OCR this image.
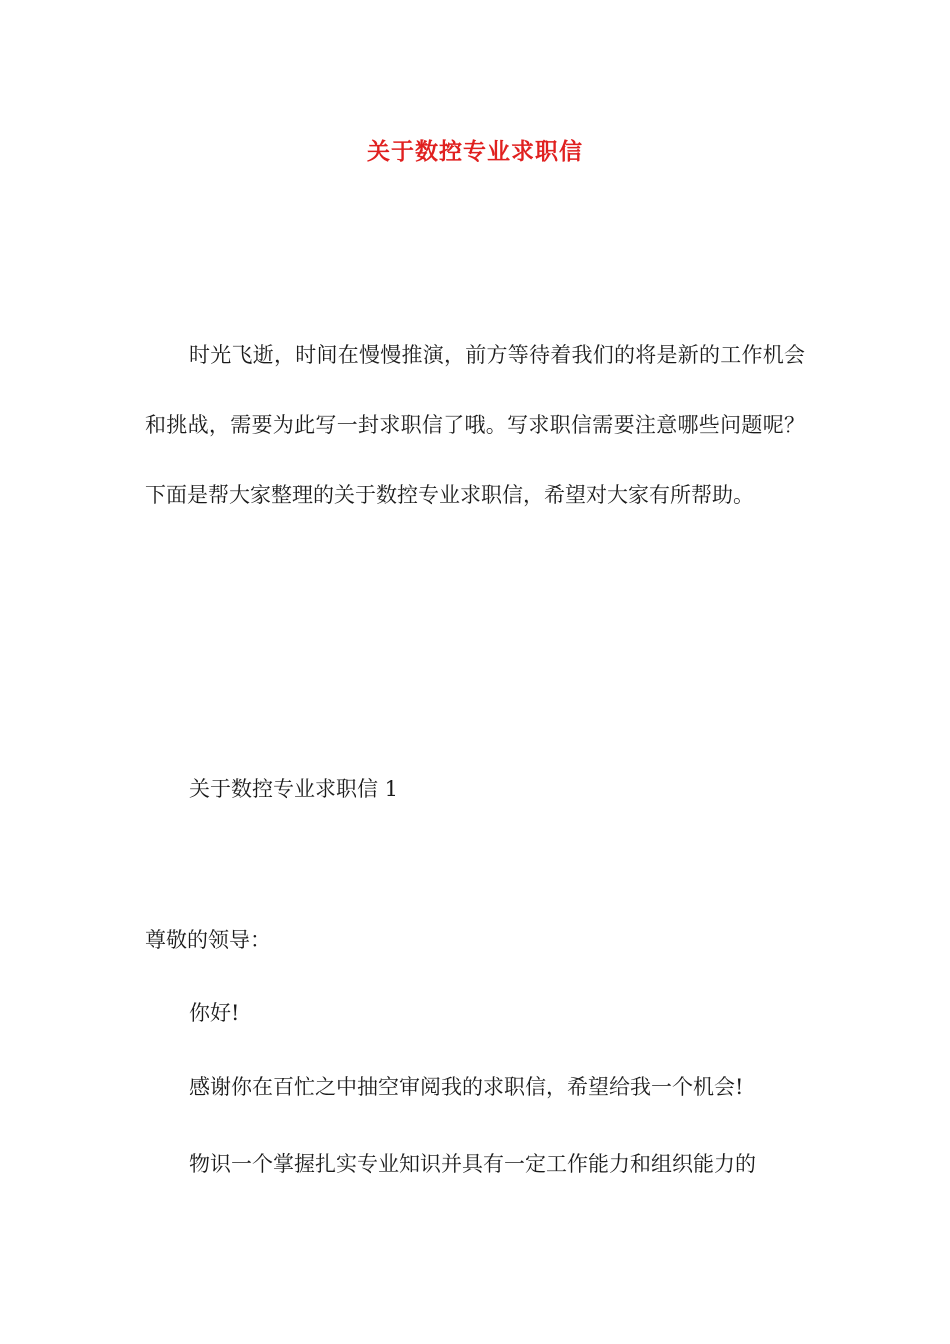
关于数控专业求职信

时光飞逝，时间在慢慢推演，前方等待着我们的将是新的工作机会和挑战，需要为此写一封求职信了哦。写求职信需要注意哪些问题呢？下面是帮大家整理的关于数控专业求职信，希望对大家有所帮助。

关于数控专业求职信 1

尊敬的领导：

你好!

感谢你在百忙之中抽空审阅我的求职信，希望给我一个机会!

物识一个掌握扎实专业知识并具有一定工作能力和组织能力的
